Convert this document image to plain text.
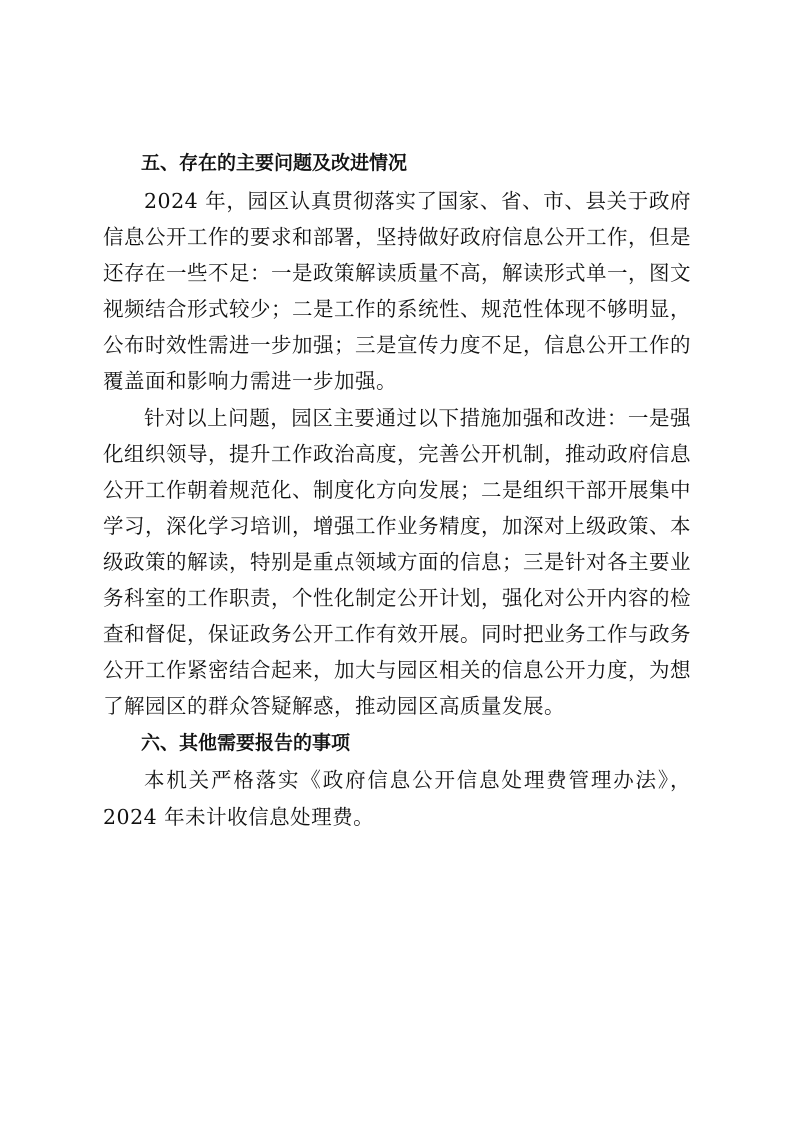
五、存在的主要问题及改进情况

2024 年，园区认真贯彻落实了国家、省、市、县关于政府信息公开工作的要求和部署，坚持做好政府信息公开工作，但是还存在一些不足：一是政策解读质量不高，解读形式单一，图文视频结合形式较少；二是工作的系统性、规范性体现不够明显，公布时效性需进一步加强；三是宣传力度不足，信息公开工作的覆盖面和影响力需进一步加强。

针对以上问题，园区主要通过以下措施加强和改进：一是强化组织领导，提升工作政治高度，完善公开机制，推动政府信息公开工作朝着规范化、制度化方向发展；二是组织干部开展集中学习，深化学习培训，增强工作业务精度，加深对上级政策、本级政策的解读，特别是重点领域方面的信息；三是针对各主要业务科室的工作职责，个性化制定公开计划，强化对公开内容的检查和督促，保证政务公开工作有效开展。同时把业务工作与政务公开工作紧密结合起来，加大与园区相关的信息公开力度，为想了解园区的群众答疑解惑，推动园区高质量发展。

六、其他需要报告的事项

本机关严格落实《政府信息公开信息处理费管理办法》，2024 年未计收信息处理费。
